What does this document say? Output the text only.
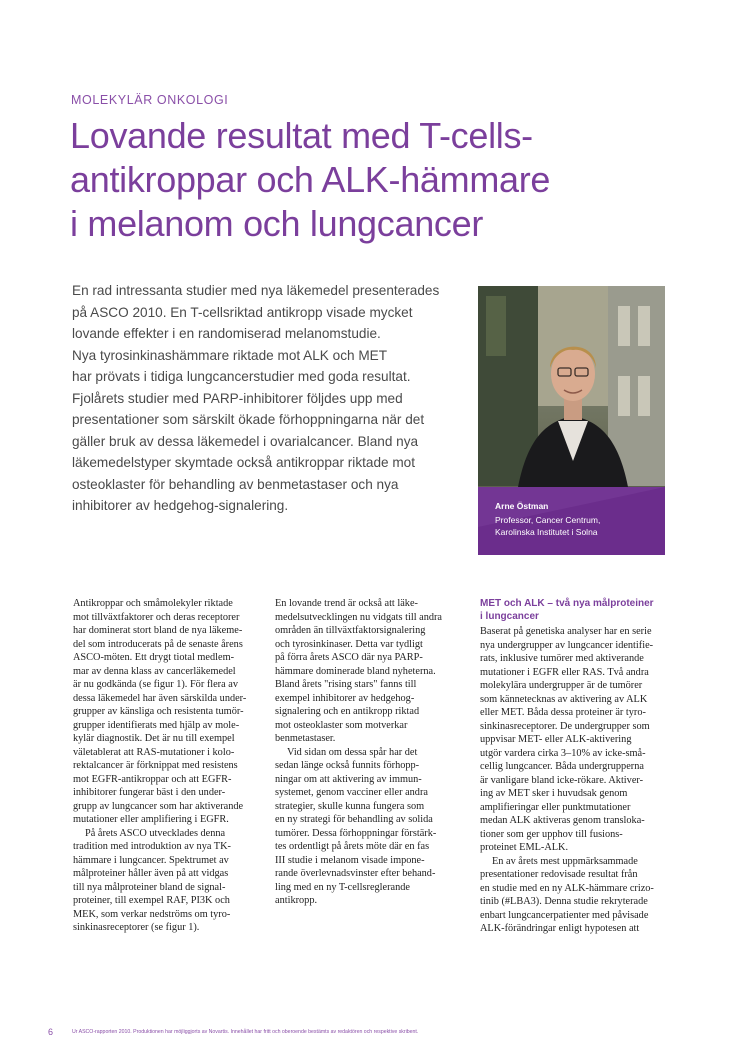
MOLEKYLÄR ONKOLOGI
Lovande resultat med T-cells-
antikroppar och ALK-hämmare
i melanom och lungcancer
En rad intressanta studier med nya läkemedel presenterades
på ASCO 2010. En T-cellsriktad antikropp visade mycket
lovande effekter i en randomiserad melanomstudie.
Nya tyrosinkinashämmare riktade mot ALK och MET
har prövats i tidiga lungcancerstudier med goda resultat.
Fjolårets studier med PARP-inhibitorer följdes upp med
presentationer som särskilt ökade förhoppningarna när det
gäller bruk av dessa läkemedel i ovarialcancer. Bland nya
läkemedelstyper skymtade också antikroppar riktade mot
osteoklaster för behandling av benmetastaser och nya
inhibitorer av hedgehog-signalering.	Arne Östman
Professor, Cancer Centrum,
Karolinska Institutet i Solna
Antikroppar och småmolekyler riktade
mot tillväxtfaktorer och deras receptorer
har dominerat stort bland de nya läkeme-
del som introducerats på de senaste årens
ASCO-möten. Ett drygt tiotal medlem-
mar av denna klass av cancerläkemedel
är nu godkända (se figur 1). För flera av
dessa läkemedel har även särskilda under-
grupper av känsliga och resistenta tumör-
grupper identifierats med hjälp av mole-
kylär diagnostik. Det är nu till exempel
väletablerat att RAS-mutationer i kolo-
rektalcancer är förknippat med resistens
mot EGFR-antikroppar och att EGFR-
inhibitorer fungerar bäst i den under-
grupp av lungcancer som har aktiverande
mutationer eller amplifiering i EGFR.
På årets ASCO utvecklades denna
tradition med introduktion av nya TK-
hämmare i lungcancer. Spektrumet av
målproteiner håller även på att vidgas
till nya målproteiner bland de signal-
proteiner, till exempel RAF, PI3K och
MEK, som verkar nedströms om tyro-
sinkinasreceptorer (se figur 1).
En lovande trend är också att läke-
medelsutvecklingen nu vidgats till andra
områden än tillväxtfaktorsignalering
och tyrosinkinaser. Detta var tydligt
på förra årets ASCO där nya PARP-
hämmare dominerade bland nyheterna.
Bland årets "rising stars" fanns till
exempel inhibitorer av hedgehog-
signalering och en antikropp riktad
mot osteoklaster som motverkar
benmetastaser.
Vid sidan om dessa spår har det
sedan länge också funnits förhopp-
ningar om att aktivering av immun-
systemet, genom vacciner eller andra
strategier, skulle kunna fungera som
en ny strategi för behandling av solida
tumörer. Dessa förhoppningar förstärk-
tes ordentligt på årets möte där en fas
III studie i melanom visade impone-
rande överlevnadsvinster efter behand-
ling med en ny T-cellsreglerande
antikropp.
MET och ALK – två nya målproteiner
i lungcancer
Baserat på genetiska analyser har en serie
nya undergrupper av lungcancer identifie-
rats, inklusive tumörer med aktiverande
mutationer i EGFR eller RAS. Två andra
molekylära undergrupper är de tumörer
som kännetecknas av aktivering av ALK
eller MET. Båda dessa proteiner är tyro-
sinkinasreceptorer. De undergrupper som
uppvisar MET- eller ALK-aktivering
utgör vardera cirka 3–10% av icke-små-
cellig lungcancer. Båda undergrupperna
är vanligare bland icke-rökare. Aktiver-
ing av MET sker i huvudsak genom
amplifieringar eller punktmutationer
medan ALK aktiveras genom transloka-
tioner som ger upphov till fusions-
proteinet EML-ALK.
En av årets mest uppmärksammade
presentationer redovisade resultat från
en studie med en ny ALK-hämmare crizo-
tinib (#LBA3). Denna studie rekryterade
enbart lungcancerpatienter med påvisade
ALK-förändringar enligt hypotesen att
6	Ur ASCO-rapporten 2010. Produktionen har möjliggjorts av Novartis. Innehållet har fritt och oberoende bestämts av redaktören och respektive skribent.
